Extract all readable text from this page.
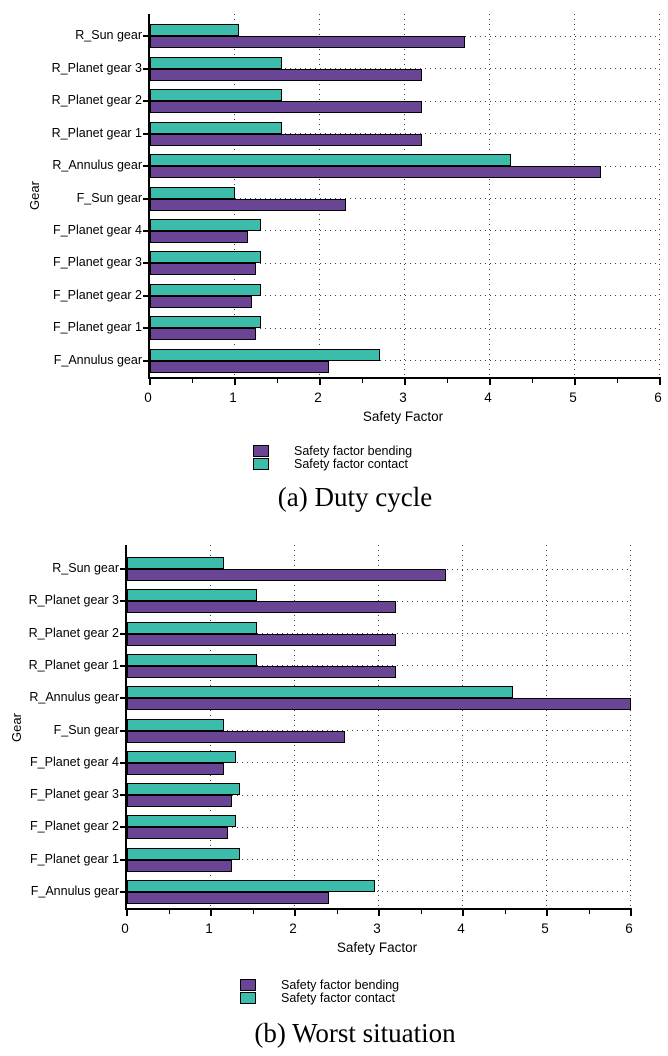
Gear
R_Sun gear
R_Planet gear 3
R_Planet gear 2
R_Planet gear 1
R_Annulus gear
F_Sun gear
F_Planet gear 4
F_Planet gear 3
F_Planet gear 2
F_Planet gear 1
F_Annulus gear
Safety Factor
Safety factor bending
Safety factor contact
(a) Duty cycle
0	1	2	3	4	5	6
Gear
R_Sun gear
R_Planet gear 3
R_Planet gear 2
R_Planet gear 1
R_Annulus gear
F_Sun gear
F_Planet gear 4
F_Planet gear 3
F_Planet gear 2
F_Planet gear 1
F_Annulus gear
Safety Factor
Safety factor bending
Safety factor contact
(b) Worst situation
0	1	2	3	4	5	6
